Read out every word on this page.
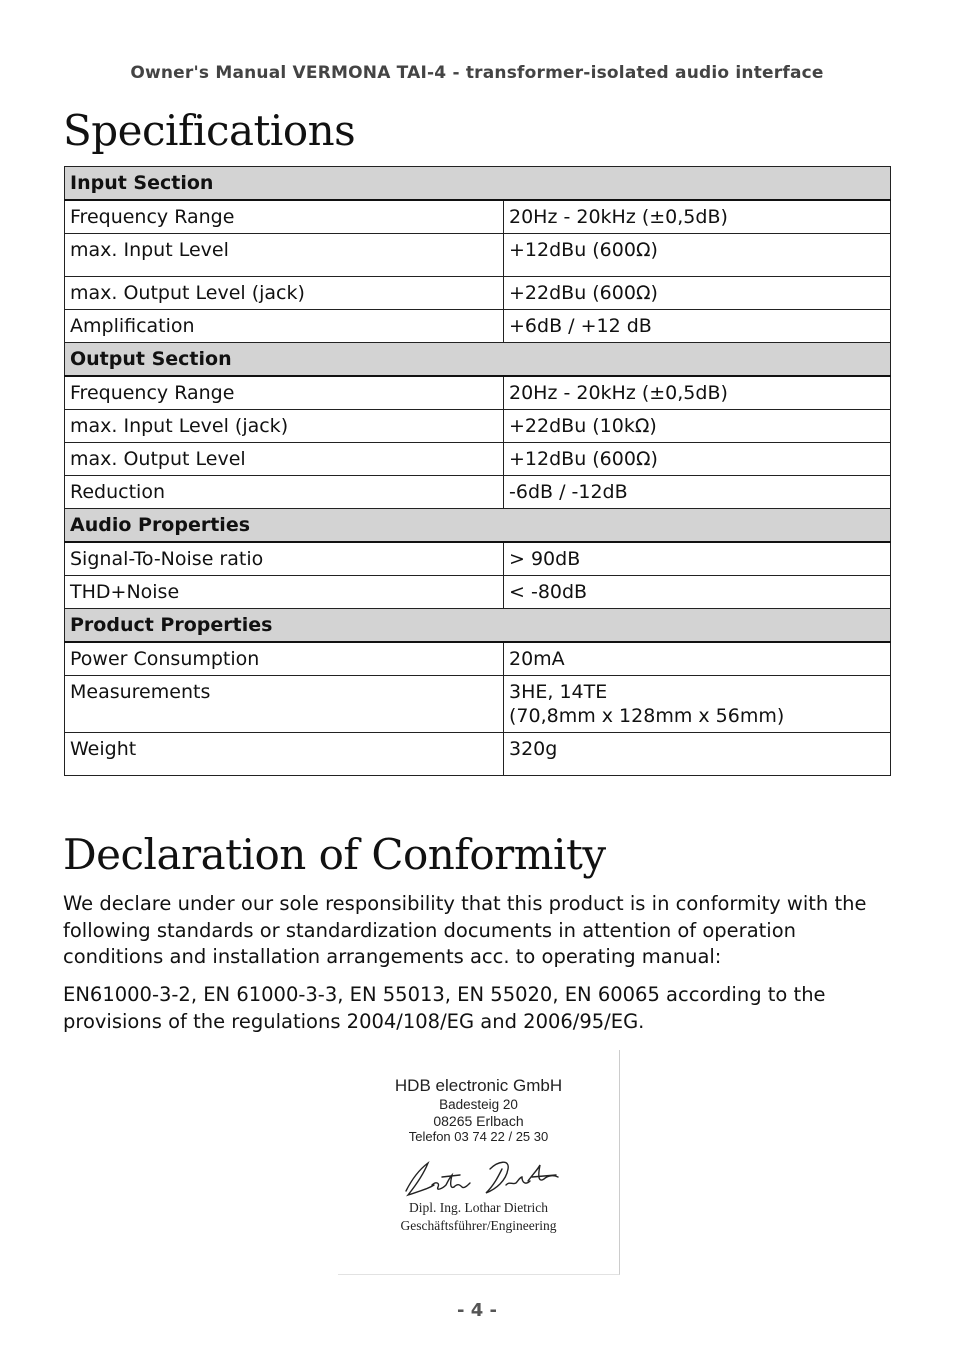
Owner's Manual VERMONA TAI-4 - transformer-isolated audio interface
Specifications
Input Section	
Frequency Range	20Hz - 20kHz (±0,5dB)

max. Input Level	+12dBu (600Ω)

max. Output Level (jack)	+22dBu (600Ω)

Amplification	+6dB / +12 dB

Output Section	
Frequency Range	20Hz - 20kHz (±0,5dB)

max. Input Level (jack)	+22dBu (10kΩ)

max. Output Level	+12dBu (600Ω)

Reduction	-6dB / -12dB

Audio Properties	
Signal-To-Noise ratio	> 90dB

THD+Noise	< -80dB

Product Properties	
Power Consumption	20mA

Measurements	3HE, 14TE
(70,8mm x 128mm x 56mm)

Weight	320g
Declaration of Conformity

We declare under our sole responsibility that this product is in conformity with the following standards or standardization documents in attention of operation conditions and installation arrangements acc. to operating manual:

EN61000-3-2, EN 61000-3-3, EN 55013, EN 55020, EN 60065 according to the provisions of the regulations 2004/108/EG and 2006/95/EG.

HDB electronic GmbH
Badesteig 20
08265 Erlbach
Telefon 03 74 22 / 25 30
Dipl. Ing. Lothar Dietrich
Geschäftsführer/Engineering
- 4 -
